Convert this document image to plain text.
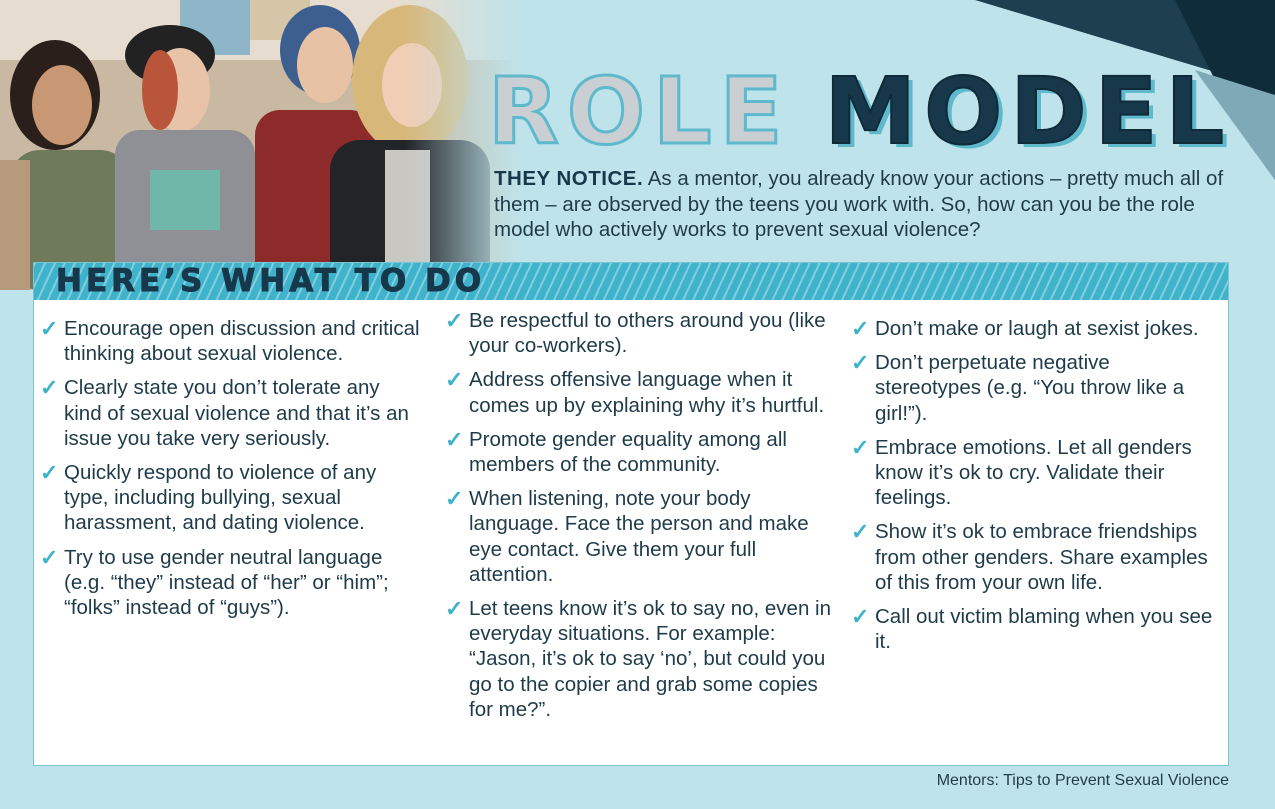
ROLE MODEL
THEY NOTICE. As a mentor, you already know your actions – pretty much all of them – are observed by the teens you work with. So, how can you be the role model who actively works to prevent sexual violence?
HERE’S WHAT TO DO
✓ Encourage open discussion and critical thinking about sexual violence.
✓ Clearly state you don’t tolerate any kind of sexual violence and that it’s an issue you take very seriously.
✓ Quickly respond to violence of any type, including bullying, sexual harassment, and dating violence.
✓ Try to use gender neutral language (e.g. “they” instead of “her” or “him”; “folks” instead of “guys”).
✓ Be respectful to others around you (like your co-workers).
✓ Address offensive language when it comes up by explaining why it’s hurtful.
✓ Promote gender equality among all members of the community.
✓ When listening, note your body language. Face the person and make eye contact. Give them your full attention.
✓ Let teens know it’s ok to say no, even in everyday situations. For example: “Jason, it’s ok to say ‘no’, but could you go to the copier and grab some copies for me?”.
✓ Don’t make or laugh at sexist jokes.
✓ Don’t perpetuate negative stereotypes (e.g. “You throw like a girl!”).
✓ Embrace emotions. Let all genders know it’s ok to cry. Validate their feelings.
✓ Show it’s ok to embrace friendships from other genders. Share examples of this from your own life.
✓ Call out victim blaming when you see it.
Mentors: Tips to Prevent Sexual Violence
